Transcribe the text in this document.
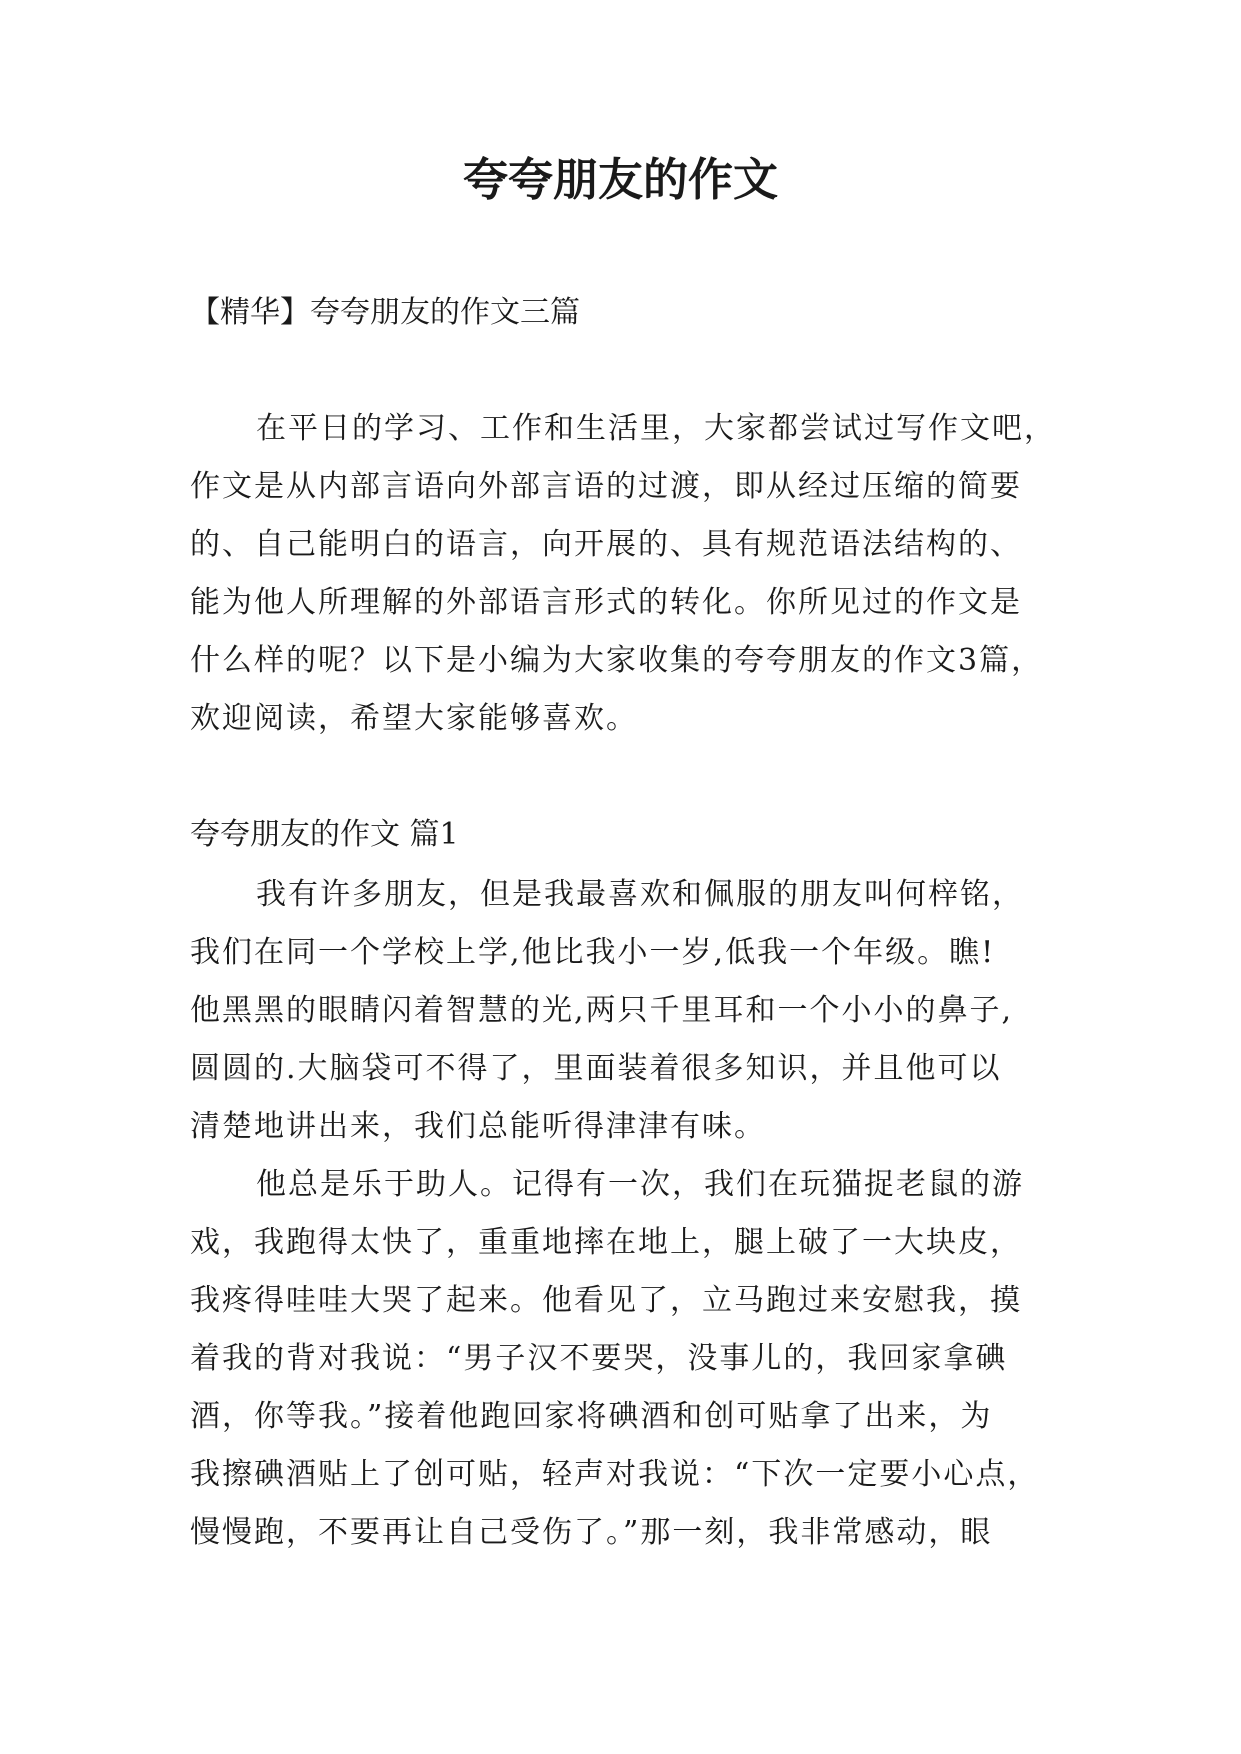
夸夸朋友的作文

【精华】夸夸朋友的作文三篇

在平日的学习、工作和生活里，大家都尝试过写作文吧，
作文是从内部言语向外部言语的过渡，即从经过压缩的简要
的、自己能明白的语言，向开展的、具有规范语法结构的、
能为他人所理解的外部语言形式的转化。你所见过的作文是
什么样的呢？以下是小编为大家收集的夸夸朋友的作文3篇，
欢迎阅读，希望大家能够喜欢。

夸夸朋友的作文 篇1

我有许多朋友，但是我最喜欢和佩服的朋友叫何梓铭，
我们在同一个学校上学,他比我小一岁,低我一个年级。瞧!
他黑黑的眼睛闪着智慧的光,两只千里耳和一个小小的鼻子,
圆圆的.大脑袋可不得了，里面装着很多知识，并且他可以
清楚地讲出来，我们总能听得津津有味。
他总是乐于助人。记得有一次，我们在玩猫捉老鼠的游
戏，我跑得太快了，重重地摔在地上，腿上破了一大块皮，
我疼得哇哇大哭了起来。他看见了，立马跑过来安慰我，摸
着我的背对我说：“男子汉不要哭，没事儿的，我回家拿碘
酒，你等我。”接着他跑回家将碘酒和创可贴拿了出来，为
我擦碘酒贴上了创可贴，轻声对我说：“下次一定要小心点，
慢慢跑，不要再让自己受伤了。”那一刻，我非常感动，眼
